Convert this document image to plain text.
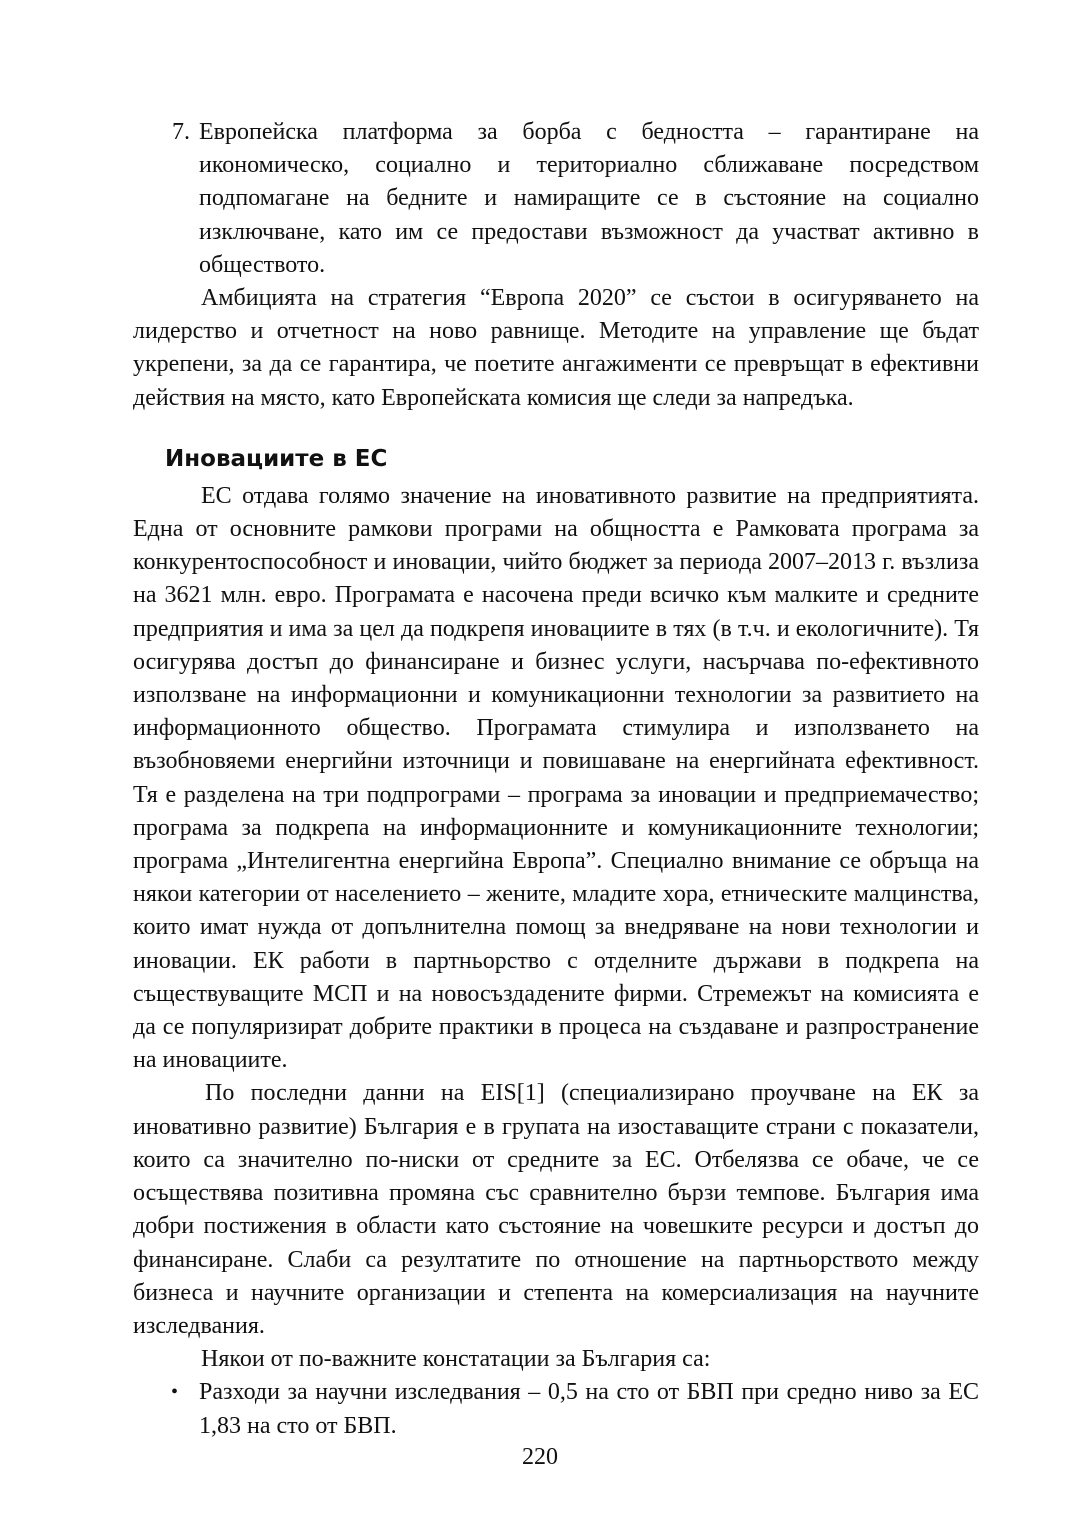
7. Европейска платформа за борба с бедността – гарантиране на икономическо, социално и териториално сближаване посредством подпомагане на бедните и намиращите се в състояние на социално изключване, като им се предостави възможност да участват активно в обществото.

Амбицията на стратегия “Европа 2020” се състои в осигуряването на лидерство и отчетност на ново равнище. Методите на управление ще бъдат укрепени, за да се гарантира, че поетите ангажименти се превръщат в ефективни действия на място, като Европейската комисия ще следи за напредъка.

Иновациите в ЕС

ЕС отдава голямо значение на иновативното развитие на предприятията. Една от основните рамкови програми на общността е Рамковата програма за конкурентоспособност и иновации, чийто бюджет за периода 2007–2013 г. възлиза на 3621 млн. евро. Програмата е насочена преди всичко към малките и средните предприятия и има за цел да подкрепя иновациите в тях (в т.ч. и екологичните). Тя осигурява достъп до финансиране и бизнес услуги, насърчава по-ефективното използване на информационни и комуникационни технологии за развитието на информационното общество. Програмата стимулира и използването на възобновяеми енергийни източници и повишаване на енергийната ефективност. Тя е разделена на три подпрограми – програма за иновации и предприемачество; програма за подкрепа на информационните и комуникационните технологии; програма „Интелигентна енергийна Европа”. Специално внимание се обръща на някои категории от населението – жените, младите хора, етническите малцинства, които имат нужда от допълнителна помощ за внедряване на нови технологии и иновации. ЕК работи в партньорство с отделните държави в подкрепа на съществуващите МСП и на новосъздадените фирми. Стремежът на комисията е да се популяризират добрите практики в процеса на създаване и разпространение на иновациите.

По последни данни на EIS[1] (специализирано проучване на ЕК за иновативно развитие) България е в групата на изоставащите страни с показатели, които са значително по-ниски от средните за ЕС. Отбелязва се обаче, че се осъществява позитивна промяна със сравнително бързи темпове. България има добри постижения в области като състояние на човешките ресурси и достъп до финансиране. Слаби са резултатите по отношение на партньорството между бизнеса и научните организации и степента на комерсиализация на научните изследвания.

Някои от по-важните констатации за България са:

• Разходи за научни изследвания – 0,5 на сто от БВП при средно ниво за ЕС 1,83 на сто от БВП.
220
